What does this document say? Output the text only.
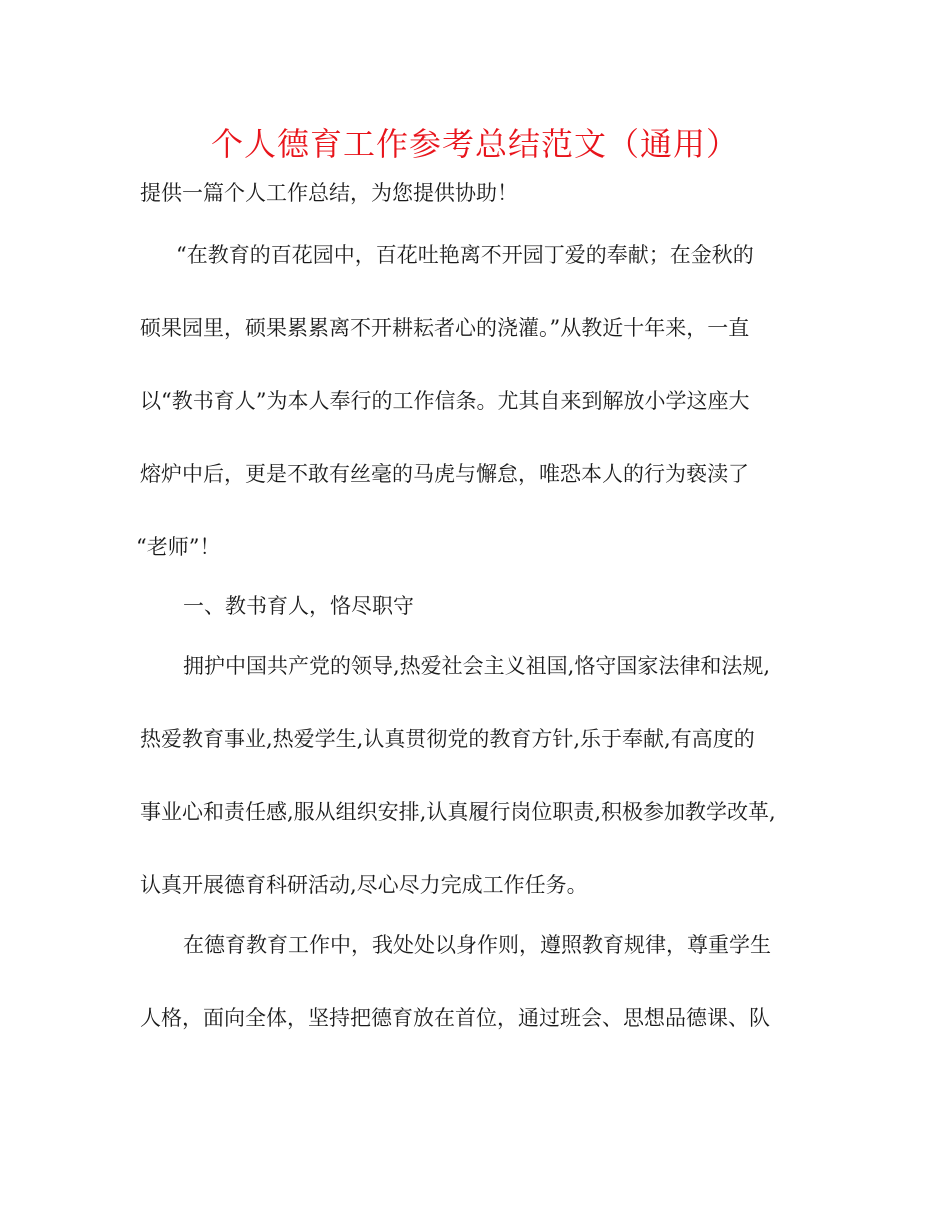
个人德育工作参考总结范文（通用）
提供一篇个人工作总结，为您提供协助！
“在教育的百花园中，百花吐艳离不开园丁爱的奉献；在金秋的
硕果园里，硕果累累离不开耕耘者心的浇灌。”从教近十年来，一直
以“教书育人”为本人奉行的工作信条。尤其自来到解放小学这座大
熔炉中后，更是不敢有丝毫的马虎与懈怠，唯恐本人的行为亵渎了
“老师”！
一、教书育人，恪尽职守
拥护中国共产党的领导,热爱社会主义祖国,恪守国家法律和法规,
热爱教育事业,热爱学生,认真贯彻党的教育方针,乐于奉献,有高度的
事业心和责任感,服从组织安排,认真履行岗位职责,积极参加教学改革,
认真开展德育科研活动,尽心尽力完成工作任务。
在德育教育工作中，我处处以身作则，遵照教育规律，尊重学生
人格，面向全体，坚持把德育放在首位，通过班会、思想品德课、队
